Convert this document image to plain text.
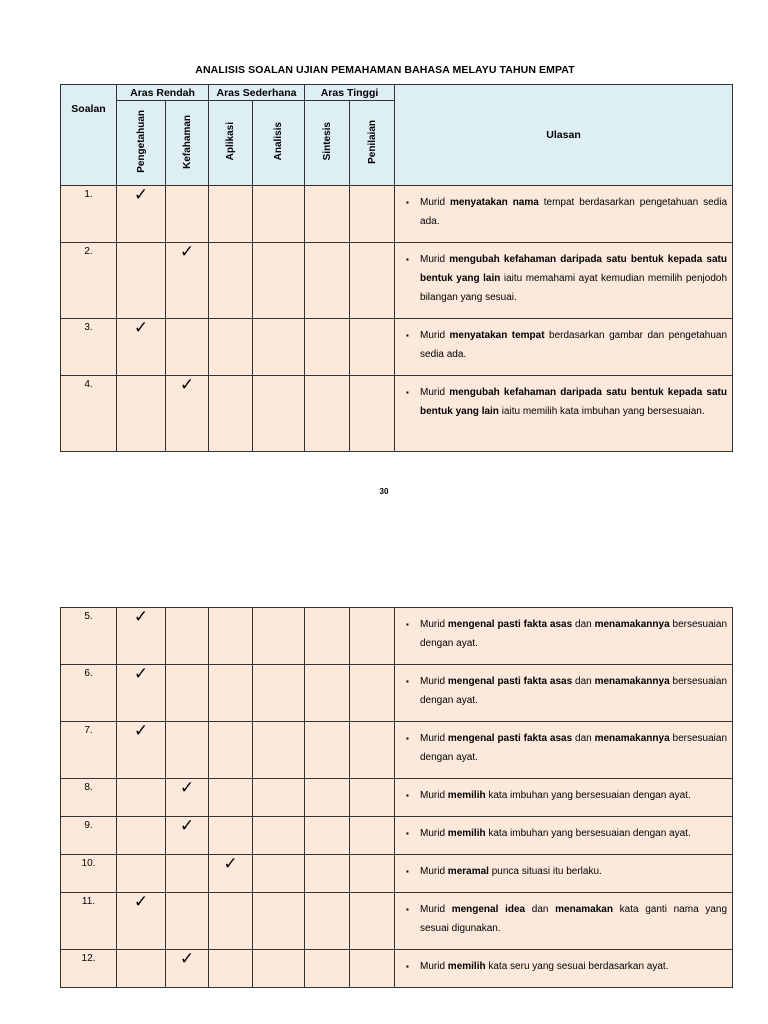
ANALISIS SOALAN UJIAN PEMAHAMAN BAHASA MELAYU TAHUN EMPAT
Soalan	Aras Rendah		Aras Sederhana		Aras Tinggi		Ulasan
	Pengetahuan	Kefahaman	Aplikasi	Analisis	Sintesis	Penilaian	
1.	✓						▪ Murid menyatakan nama tempat berdasarkan pengetahuan sedia ada.

2.		✓					▪ Murid mengubah kefahaman daripada satu bentuk kepada satu bentuk yang lain iaitu memahami ayat kemudian memilih penjodoh bilangan yang sesuai.

3.	✓						▪ Murid menyatakan tempat berdasarkan gambar dan pengetahuan sedia ada.

4.		✓					▪ Murid mengubah kefahaman daripada satu bentuk kepada satu bentuk yang lain iaitu memilih kata imbuhan yang bersesuaian.
30
5.	✓						▪ Murid mengenal pasti fakta asas dan menamakannya bersesuaian dengan ayat.

6.	✓						▪ Murid mengenal pasti fakta asas dan menamakannya bersesuaian dengan ayat.

7.	✓						▪ Murid mengenal pasti fakta asas dan menamakannya bersesuaian dengan ayat.

8.		✓					▪ Murid memilih kata imbuhan yang bersesuaian dengan ayat.

9.		✓					▪ Murid memilih kata imbuhan yang bersesuaian dengan ayat.

10.			✓				▪ Murid meramal punca situasi itu berlaku.

11.	✓						▪ Murid mengenal idea dan menamakan kata ganti nama yang sesuai digunakan.

12.		✓					▪ Murid memilih kata seru yang sesuai berdasarkan ayat.
